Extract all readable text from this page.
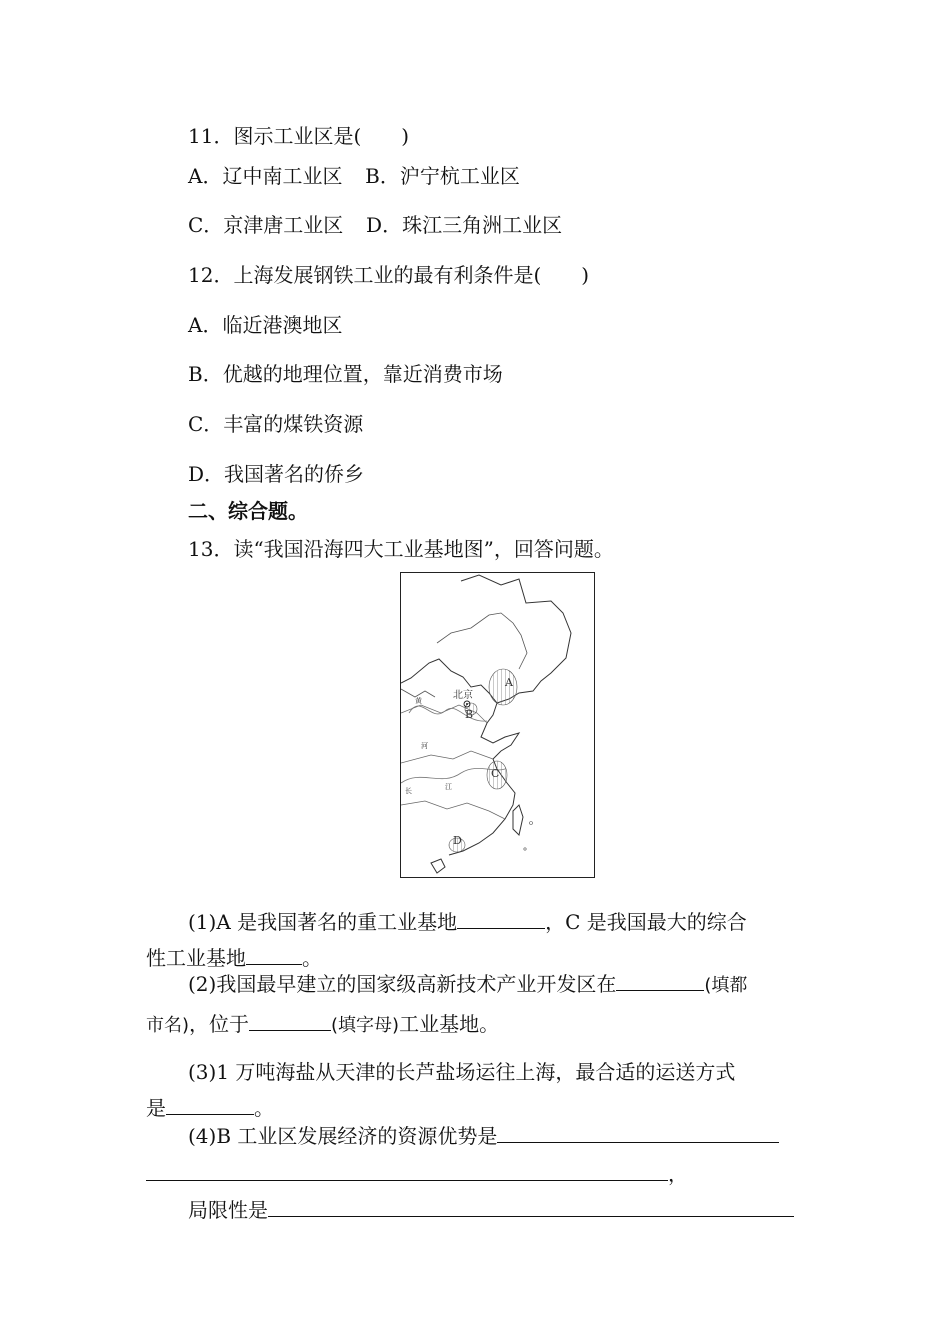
11．图示工业区是(　　)
A．辽中南工业区 B．沪宁杭工业区
C．京津唐工业区 D．珠江三角洲工业区
12．上海发展钢铁工业的最有利条件是(　　)
A．临近港澳地区
B．优越的地理位置，靠近消费市场
C．丰富的煤铁资源
D．我国著名的侨乡
二、综合题。
13．读“我国沿海四大工业基地图”，回答问题。
北京
A
B
C
D
黄
河
长	江
(1)A 是我国著名的重工业基地	，C 是我国最大的综合
性工业基地	。
(2)我国最早建立的国家级高新技术产业开发区在	(填都
市名)，位于	(填字母)工业基地。
(3)1 万吨海盐从天津的长芦盐场运往上海，最合适的运送方式
是	。
(4)B 工业区发展经济的资源优势是
，
局限性是
